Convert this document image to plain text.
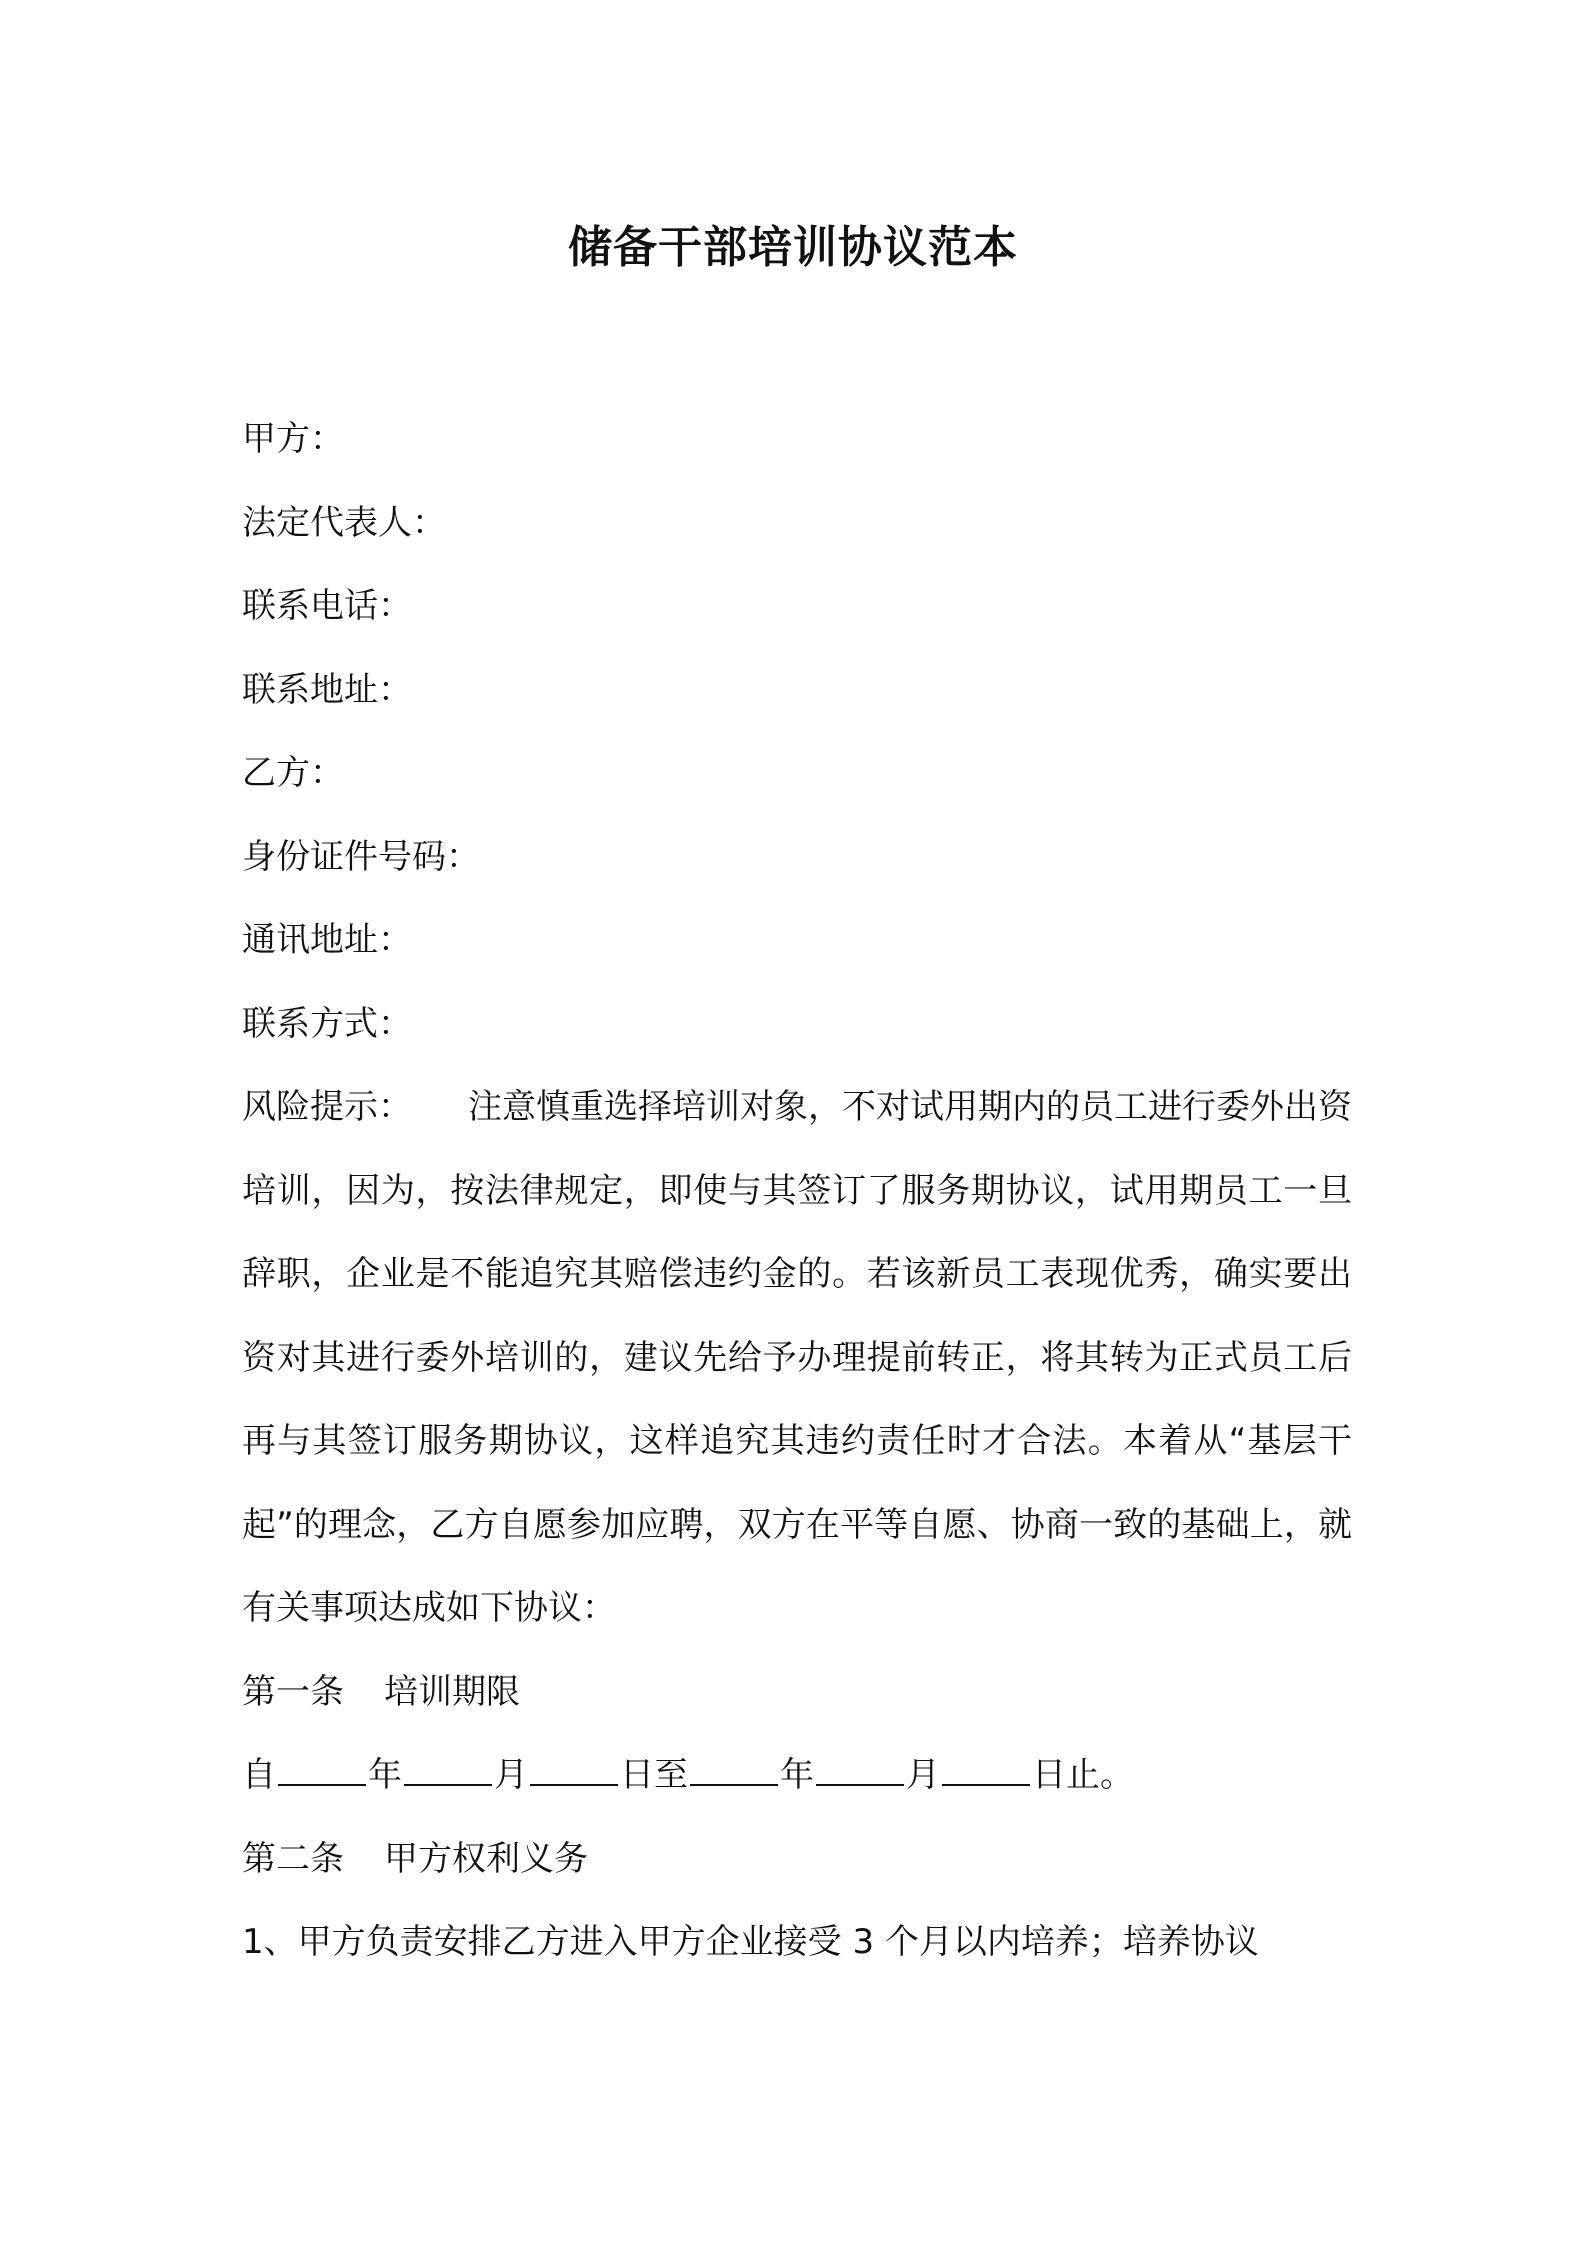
储备干部培训协议范本

甲方：

法定代表人：

联系电话：

联系地址：

乙方：

身份证件号码：

通讯地址：

联系方式：

风险提示： 注意慎重选择培训对象，不对试用期内的员工进行委外出资培训，因为，按法律规定，即使与其签订了服务期协议，试用期员工一旦辞职，企业是不能追究其赔偿违约金的。若该新员工表现优秀，确实要出资对其进行委外培训的，建议先给予办理提前转正，将其转为正式员工后再与其签订服务期协议，这样追究其违约责任时才合法。本着从“基层干起”的理念，乙方自愿参加应聘，双方在平等自愿、协商一致的基础上，就有关事项达成如下协议：

第一条 培训期限

自	年	月	日至	年	月	日止。

第二条 甲方权利义务

1、甲方负责安排乙方进入甲方企业接受 3 个月以内培养；培养协议
